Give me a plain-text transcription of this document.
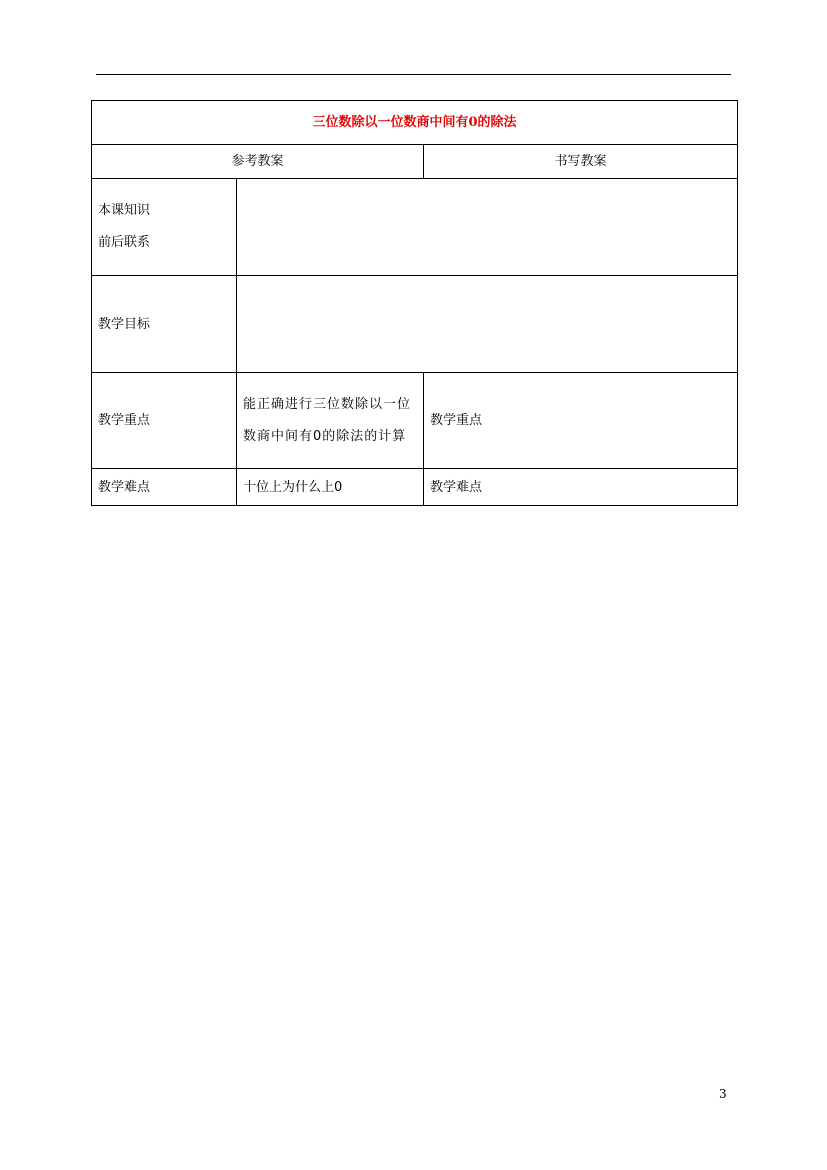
三位数除以一位数商中间有0的除法		
参考教案		书写教案

本课知识
前后联系		

教学目标		
教学重点	能正确进行三位数除以一位数商中间有0的除法的计算	教学重点
教学难点	十位上为什么上0	教学难点
3
